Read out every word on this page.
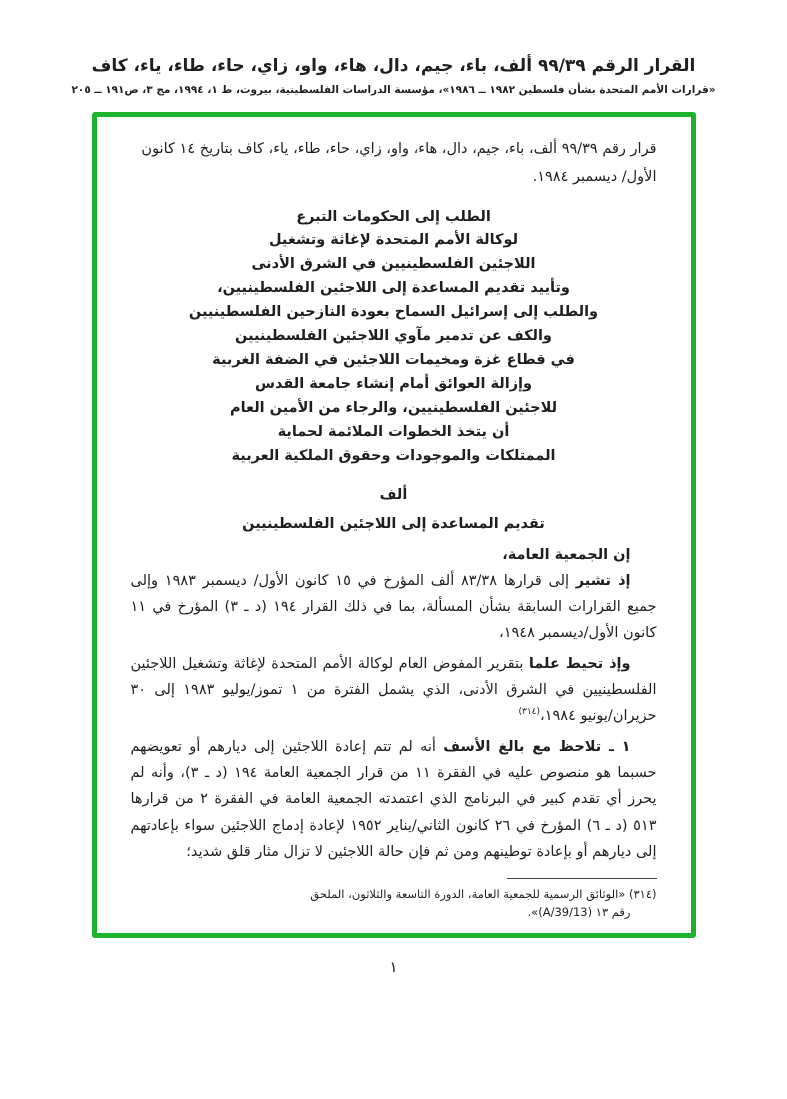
القرار الرقم ٩٩/٣٩ ألف، باء، جيم، دال، هاء، واو، زاي، حاء، طاء، ياء، كاف
«قرارات الأمم المتحدة بشأن فلسطين ١٩٨٢ ــ ١٩٨٦»، مؤسسة الدراسات الفلسطينية، بيروت، ط ١، ١٩٩٤، مج ٣، ص١٩١ ــ ٢٠٥

قرار رقم ٩٩/٣٩ ألف، باء، جيم، دال، هاء، واو، زاي، حاء، طاء، ياء، كاف بتاريخ ١٤ كانون الأول/ ديسمبر ١٩٨٤.

الطلب إلى الحكومات التبرع
لوكالة الأمم المتحدة لإغاثة وتشغيل
اللاجئين الفلسطينيين في الشرق الأدنى
وتأييد تقديم المساعدة إلى اللاجئين الفلسطينيين،
والطلب إلى إسرائيل السماح بعودة النازحين الفلسطينيين
والكف عن تدمير مآوي اللاجئين الفلسطينيين
في قطاع غزة ومخيمات اللاجئين في الضفة الغربية
وإزالة العوائق أمام إنشاء جامعة القدس
للاجئين الفلسطينيين، والرجاء من الأمين العام
أن يتخذ الخطوات الملائمة لحماية
الممتلكات والموجودات وحقوق الملكية العربية
ألف
تقديم المساعدة إلى اللاجئين الفلسطينيين

إن الجمعية العامة،

إذ تشير إلى قرارها ٨٣/٣٨ ألف المؤرخ في ١٥ كانون الأول/ ديسمبر ١٩٨٣ وإلى جميع القرارات السابقة بشأن المسألة، بما في ذلك القرار ١٩٤ (د ـ ٣) المؤرخ في ١١ كانون الأول/ديسمبر ١٩٤٨،

وإذ تحيط علما بتقرير المفوض العام لوكالة الأمم المتحدة لإغاثة وتشغيل اللاجئين الفلسطينيين في الشرق الأدنى، الذي يشمل الفترة من ١ تموز/يوليو ١٩٨٣ إلى ٣٠ حزيران/يونيو ١٩٨٤،$^{(٣١٤)}$

١ ـ تلاحظ مع بالغ الأسف أنه لم تتم إعادة اللاجئين إلى ديارهم أو تعويضهم حسبما هو منصوص عليه في الفقرة ١١ من قرار الجمعية العامة ١٩٤ (د ـ ٣)، وأنه لم يحرز أي تقدم كبير في البرنامج الذي اعتمدته الجمعية العامة في الفقرة ٢ من قرارها ٥١٣ (د ـ ٦) المؤرخ في ٢٦ كانون الثاني/يناير ١٩٥٢ لإعادة إدماج اللاجئين سواء بإعادتهم إلى ديارهم أو بإعادة توطينهم ومن ثم فإن حالة اللاجئين لا تزال مثار قلق شديد؛

(٣١٤) «الوثائق الرسمية للجمعية العامة، الدورة التاسعة والثلاثون، الملحق
رقم ١٣ (A/39/13)».
١
